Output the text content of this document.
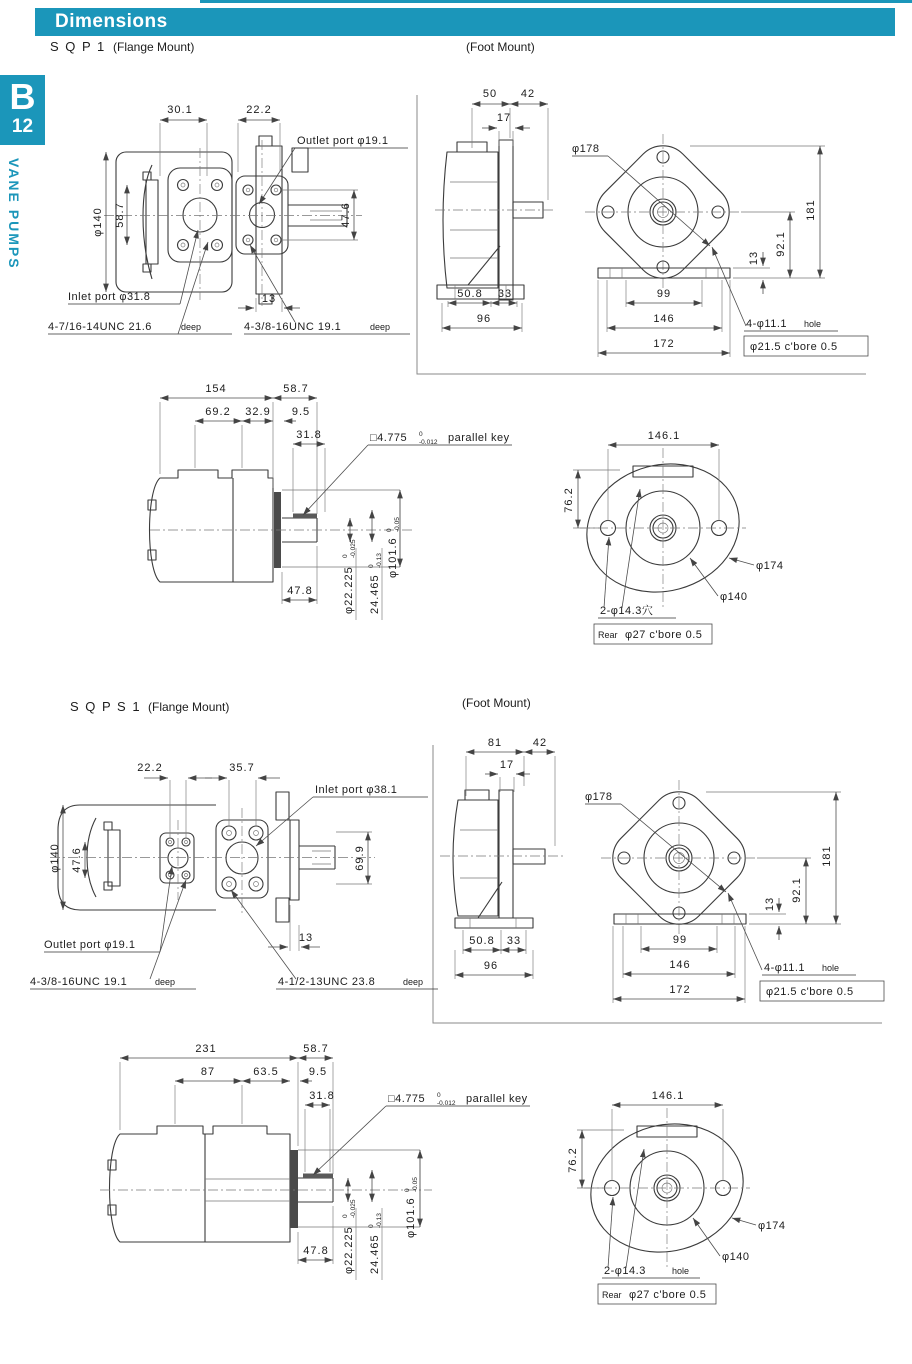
Dimensions
B
12
VANE PUMPS
S Q P 1 (Flange Mount)	(Foot Mount)
S Q P S 1 (Flange Mount)	(Foot Mount)
30.1	22.2
φ140 58.7	47.6
Outlet port φ19.1
Inlet port φ31.8
4-7/16-14UNC 21.6	deep	4-3/8-16UNC 19.1	deep
13
50 42
17
50.8 33
96
φ178
181
92.1
13
99
146
172
4-φ11.1 hole
φ21.5 c'bore 0.5
154	58.7
69.2 32.9 9.5
31.8	□4.775 0
-0.012 parallel key
47.8	φ22.225
0 -0.025
24.465
0 -0.13 φ101.6
0 -0.05
146.1
76.2
φ174
φ140
2-φ14.3穴
Rear φ27 c'bore 0.5
22.2	35.7
Inlet port φ38.1
φ140 47.6	69.9
Outlet port φ19.1
4-3/8-16UNC 19.1	deep	4-1/2-13UNC 23.8	deep
13
81	42
17
50.8 33
96
φ178
181
92.1
13
99
146
172
4-φ11.1 hole
φ21.5 c'bore 0.5
231	58.7
87	63.5	9.5
31.8	□4.775 0
-0.012 parallel key
47.8 φ22.225
0 -0.025
24.465
0 -0.13 φ101.6
0 -0.05
146.1
76.2
φ174
φ140
2-φ14.3	hole
Rear φ27 c'bore 0.5
